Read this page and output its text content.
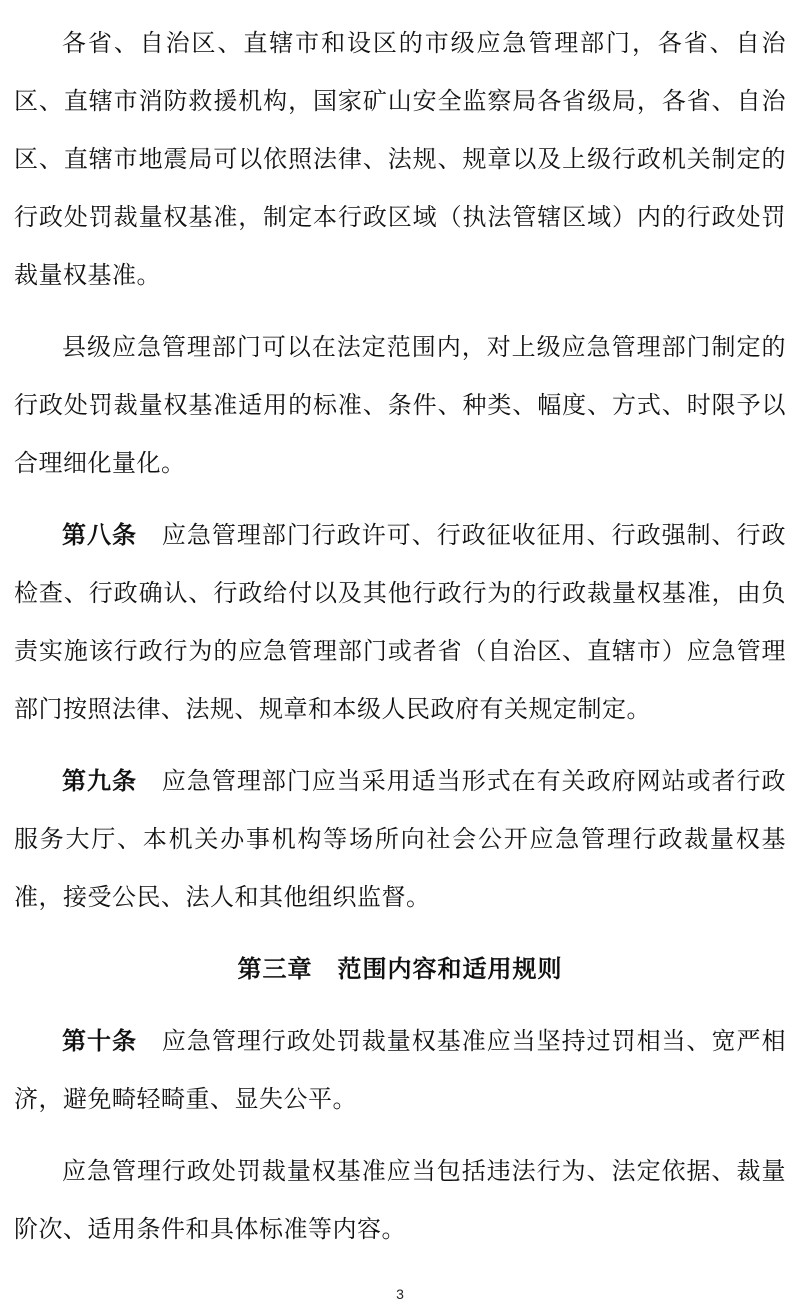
各省、自治区、直辖市和设区的市级应急管理部门，各省、自治区、直辖市消防救援机构，国家矿山安全监察局各省级局，各省、自治区、直辖市地震局可以依照法律、法规、规章以及上级行政机关制定的行政处罚裁量权基准，制定本行政区域（执法管辖区域）内的行政处罚裁量权基准。

县级应急管理部门可以在法定范围内，对上级应急管理部门制定的行政处罚裁量权基准适用的标准、条件、种类、幅度、方式、时限予以合理细化量化。

第八条  应急管理部门行政许可、行政征收征用、行政强制、行政检查、行政确认、行政给付以及其他行政行为的行政裁量权基准，由负责实施该行政行为的应急管理部门或者省（自治区、直辖市）应急管理部门按照法律、法规、规章和本级人民政府有关规定制定。

第九条  应急管理部门应当采用适当形式在有关政府网站或者行政服务大厅、本机关办事机构等场所向社会公开应急管理行政裁量权基准，接受公民、法人和其他组织监督。

第三章　范围内容和适用规则

第十条  应急管理行政处罚裁量权基准应当坚持过罚相当、宽严相济，避免畸轻畸重、显失公平。

应急管理行政处罚裁量权基准应当包括违法行为、法定依据、裁量阶次、适用条件和具体标准等内容。

3
